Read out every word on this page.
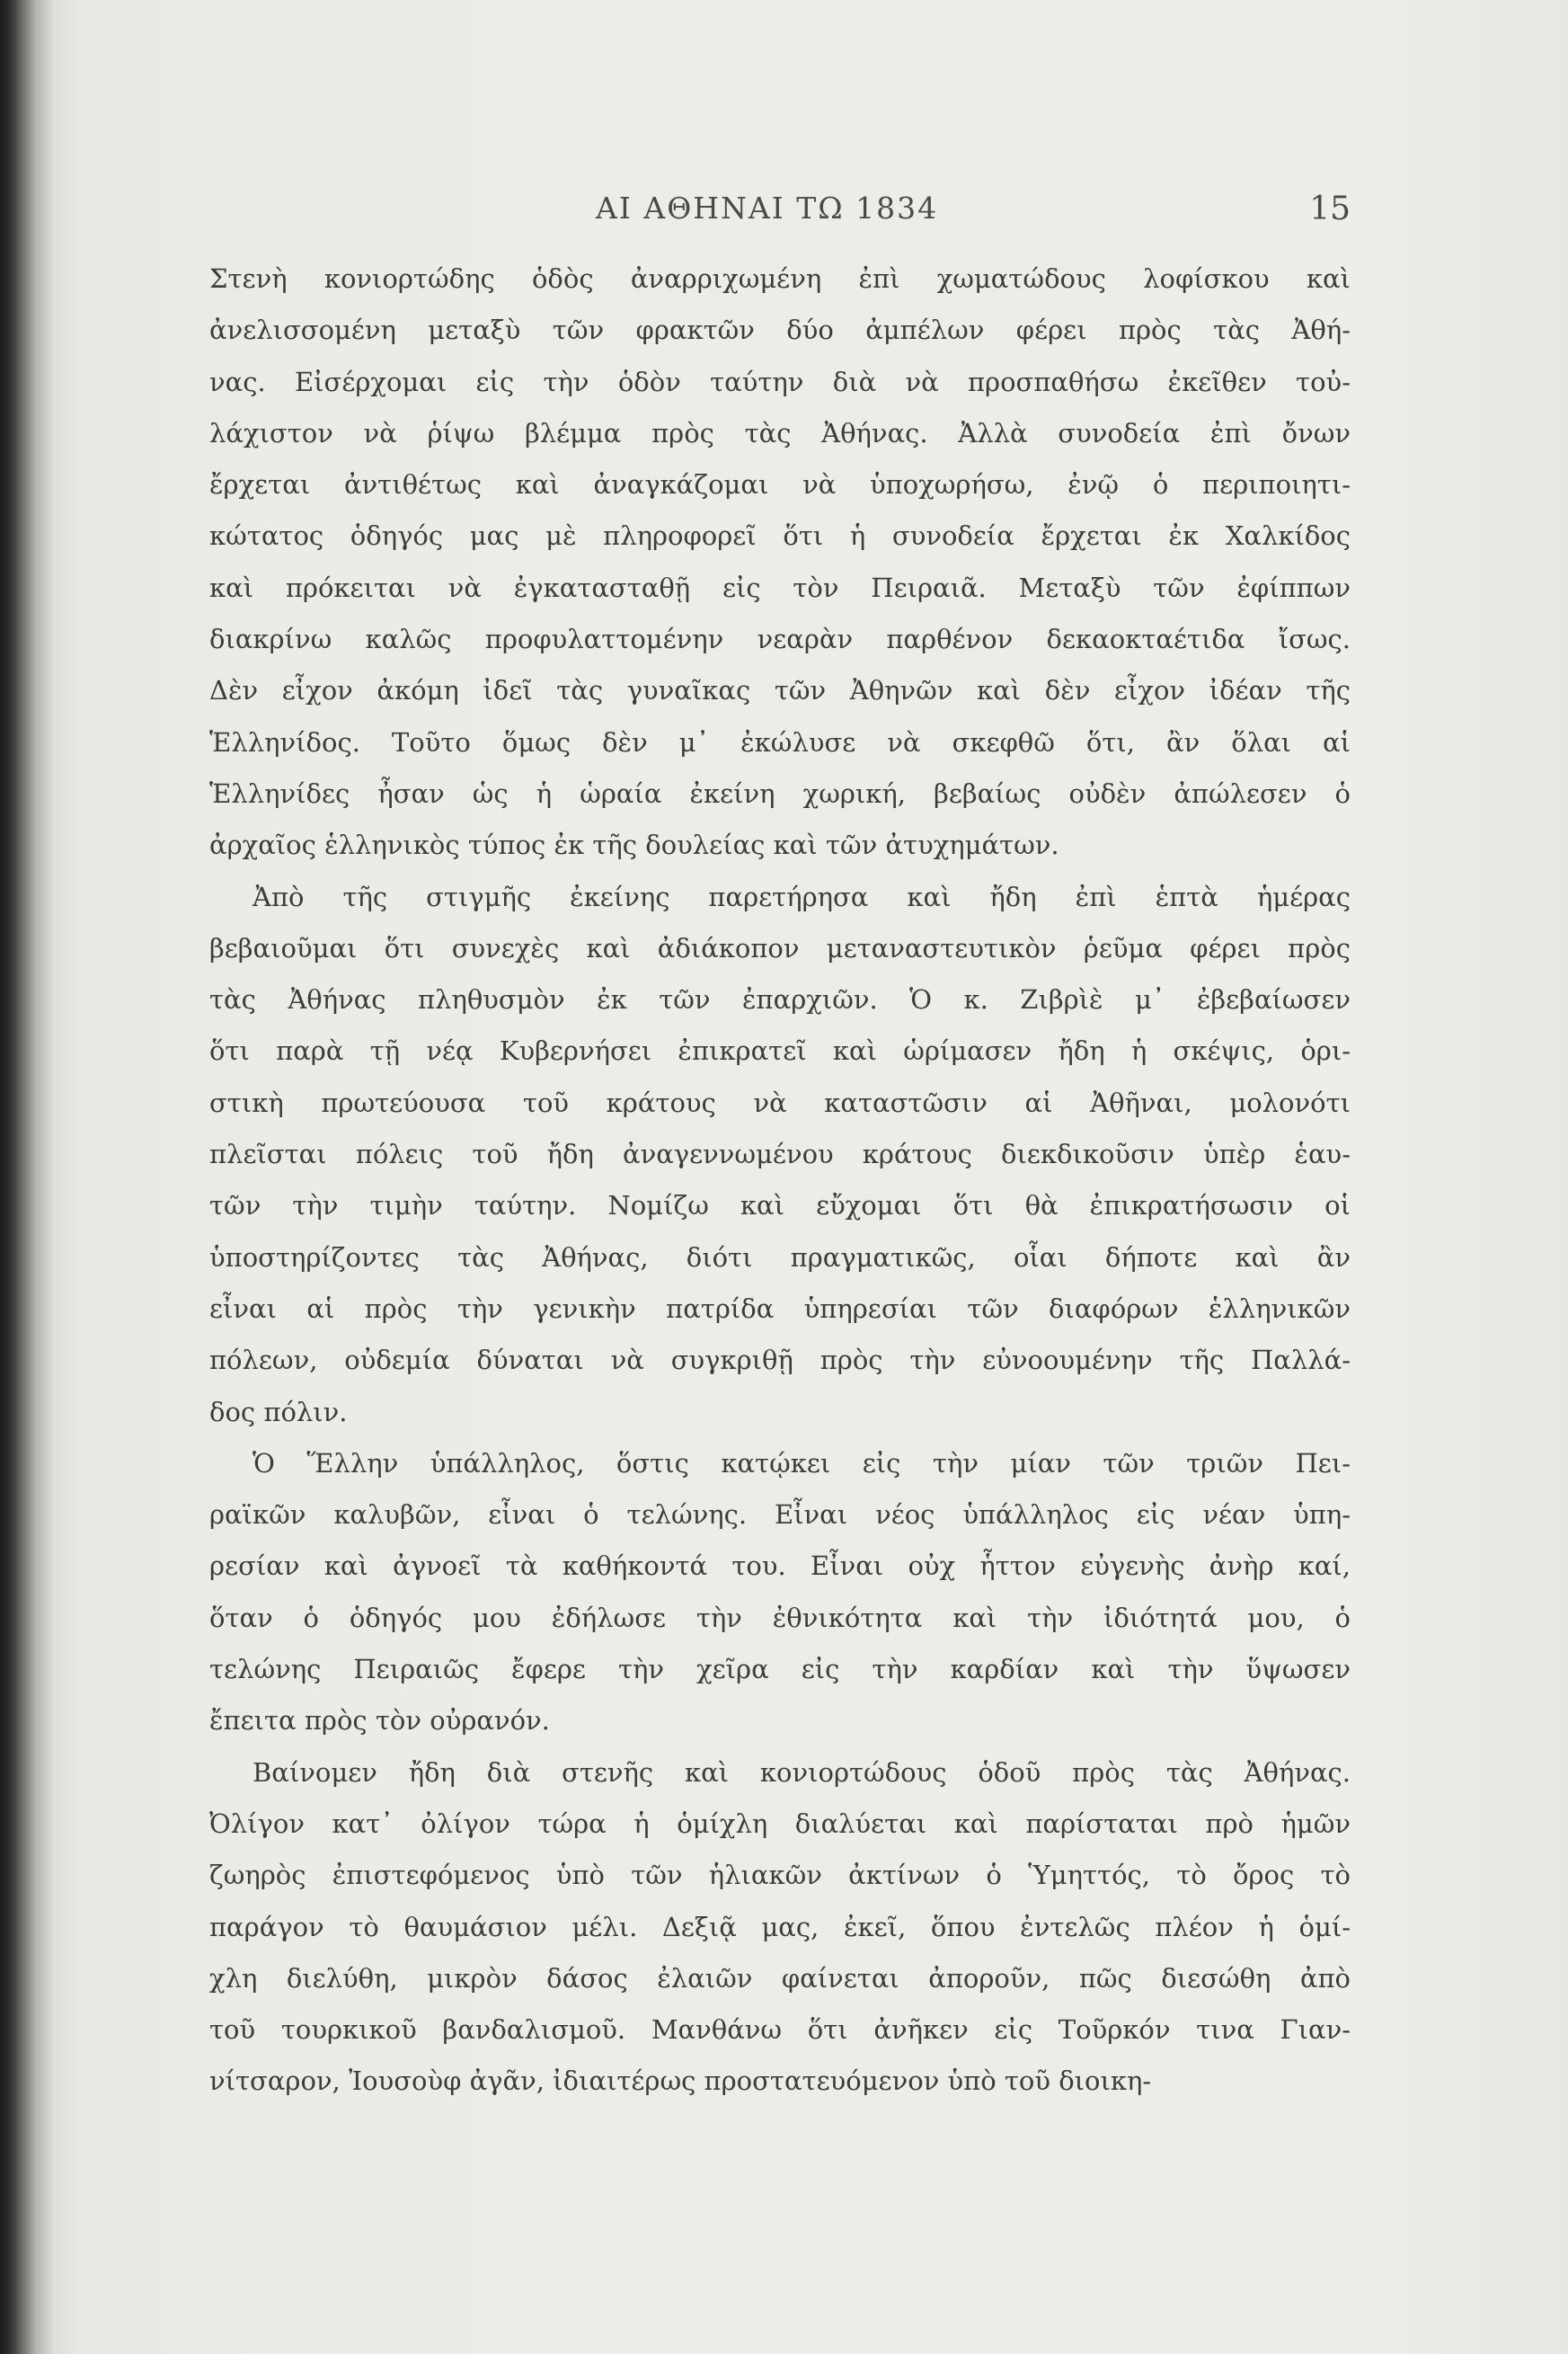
ΑΙ ΑΘΗΝΑΙ ΤΩ 1834	15
Στενὴ κονιορτώδης ὁδὸς ἀναρριχωμένη ἐπὶ χωματώδους λοφίσκου καὶ
ἀνελισσομένη μεταξὺ τῶν φρακτῶν δύο ἀμπέλων φέρει πρὸς τὰς Ἀθή-
νας. Εἰσέρχομαι εἰς τὴν ὁδὸν ταύτην διὰ νὰ προσπαθήσω ἐκεῖθεν τοὐ-
λάχιστον νὰ ῥίψω βλέμμα πρὸς τὰς Ἀθήνας. Ἀλλὰ συνοδεία ἐπὶ ὄνων
ἔρχεται ἀντιθέτως καὶ ἀναγκάζομαι νὰ ὑποχωρήσω, ἐνῷ ὁ περιποιητι-
κώτατος ὁδηγός μας μὲ πληροφορεῖ ὅτι ἡ συνοδεία ἔρχεται ἐκ Χαλκίδος
καὶ πρόκειται νὰ ἐγκατασταθῇ εἰς τὸν Πειραιᾶ. Μεταξὺ τῶν ἐφίππων
διακρίνω καλῶς προφυλαττομένην νεαρὰν παρθένον δεκαοκταέτιδα ἴσως.
Δὲν εἶχον ἀκόμη ἰδεῖ τὰς γυναῖκας τῶν Ἀθηνῶν καὶ δὲν εἶχον ἰδέαν τῆς
Ἑλληνίδος. Τοῦτο ὅμως δὲν μ᾽ ἐκώλυσε νὰ σκεφθῶ ὅτι, ἂν ὅλαι αἱ
Ἑλληνίδες ἦσαν ὡς ἡ ὡραία ἐκείνη χωρική, βεβαίως οὐδὲν ἀπώλεσεν ὁ
ἀρχαῖος ἑλληνικὸς τύπος ἐκ τῆς δουλείας καὶ τῶν ἀτυχημάτων.
Ἀπὸ τῆς στιγμῆς ἐκείνης παρετήρησα καὶ ἤδη ἐπὶ ἑπτὰ ἡμέρας
βεβαιοῦμαι ὅτι συνεχὲς καὶ ἀδιάκοπον μεταναστευτικὸν ῥεῦμα φέρει πρὸς
τὰς Ἀθήνας πληθυσμὸν ἐκ τῶν ἐπαρχιῶν. Ὁ κ. Ζιβρὶὲ μ᾽ ἐβεβαίωσεν
ὅτι παρὰ τῇ νέᾳ Κυβερνήσει ἐπικρατεῖ καὶ ὡρίμασεν ἤδη ἡ σκέψις, ὁρι-
στικὴ πρωτεύουσα τοῦ κράτους νὰ καταστῶσιν αἱ Ἀθῆναι, μολονότι
πλεῖσται πόλεις τοῦ ἤδη ἀναγεννωμένου κράτους διεκδικοῦσιν ὑπὲρ ἑαυ-
τῶν τὴν τιμὴν ταύτην. Νομίζω καὶ εὔχομαι ὅτι θὰ ἐπικρατήσωσιν οἱ
ὑποστηρίζοντες τὰς Ἀθήνας, διότι πραγματικῶς, οἷαι δήποτε καὶ ἂν
εἶναι αἱ πρὸς τὴν γενικὴν πατρίδα ὑπηρεσίαι τῶν διαφόρων ἑλληνικῶν
πόλεων, οὐδεμία δύναται νὰ συγκριθῇ πρὸς τὴν εὐνοουμένην τῆς Παλλά-
δος πόλιν.
Ὁ Ἕλλην ὑπάλληλος, ὅστις κατῴκει εἰς τὴν μίαν τῶν τριῶν Πει-
ραϊκῶν καλυβῶν, εἶναι ὁ τελώνης. Εἶναι νέος ὑπάλληλος εἰς νέαν ὑπη-
ρεσίαν καὶ ἀγνοεῖ τὰ καθήκοντά του. Εἶναι οὐχ ἧττον εὐγενὴς ἀνὴρ καί,
ὅταν ὁ ὁδηγός μου ἐδήλωσε τὴν ἐθνικότητα καὶ τὴν ἰδιότητά μου, ὁ
τελώνης Πειραιῶς ἔφερε τὴν χεῖρα εἰς τὴν καρδίαν καὶ τὴν ὕψωσεν
ἔπειτα πρὸς τὸν οὐρανόν.
Βαίνομεν ἤδη διὰ στενῆς καὶ κονιορτώδους ὁδοῦ πρὸς τὰς Ἀθήνας.
Ὀλίγον κατ᾽ ὀλίγον τώρα ἡ ὁμίχλη διαλύεται καὶ παρίσταται πρὸ ἡμῶν
ζωηρὸς ἐπιστεφόμενος ὑπὸ τῶν ἡλιακῶν ἀκτίνων ὁ Ὑμηττός, τὸ ὄρος τὸ
παράγον τὸ θαυμάσιον μέλι. Δεξιᾷ μας, ἐκεῖ, ὅπου ἐντελῶς πλέον ἡ ὁμί-
χλη διελύθη, μικρὸν δάσος ἐλαιῶν φαίνεται ἀποροῦν, πῶς διεσώθη ἀπὸ
τοῦ τουρκικοῦ βανδαλισμοῦ. Μανθάνω ὅτι ἀνῆκεν εἰς Τοῦρκόν τινα Γιαν-
νίτσαρον, Ἰουσοὺφ ἀγᾶν, ἰδιαιτέρως προστατευόμενον ὑπὸ τοῦ διοικη-
